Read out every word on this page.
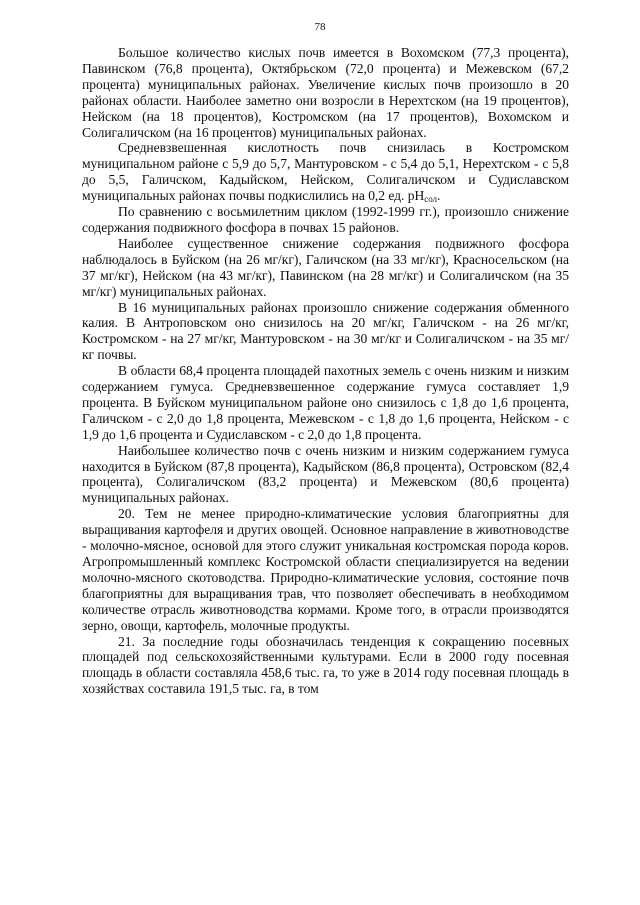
78

Большое количество кислых почв имеется в Вохомском (77,3 процента), Павинском (76,8 процента), Октябрьском (72,0 процента) и Межевском (67,2 процента) муниципальных районах. Увеличение кислых почв произошло в 20 районах области. Наиболее заметно они возросли в Нерехтском (на 19 процентов), Нейском (на 18 процентов), Костромском (на 17 процентов), Вохомском и Солигаличском (на 16 процентов) муниципальных районах.

Средневзвешенная кислотность почв снизилась в Костромском муниципальном районе с 5,9 до 5,7, Мантуровском - с 5,4 до 5,1, Нерехтском - с 5,8 до 5,5, Галичском, Кадыйском, Нейском, Солигаличском и Судиславском муниципальных районах почвы подкислились на 0,2 ед. $pH_{сол}$.

По сравнению с восьмилетним циклом (1992-1999 гг.), произошло снижение содержания подвижного фосфора в почвах 15 районов.

Наиболее существенное снижение содержания подвижного фосфора наблюдалось в Буйском (на 26 мг/кг), Галичском (на 33 мг/кг), Красносельском (на 37 мг/кг), Нейском (на 43 мг/кг), Павинском (на 28 мг/кг) и Солигаличском (на 35 мг/кг) муниципальных районах.

В 16 муниципальных районах произошло снижение содержания обменного калия. В Антроповском оно снизилось на 20 мг/кг, Галичском - на 26 мг/кг, Костромском - на 27 мг/кг, Мантуровском - на 30 мг/кг и Солигаличском - на 35 мг/кг почвы.

В области 68,4 процента площадей пахотных земель с очень низким и низким содержанием гумуса. Средневзвешенное содержание гумуса составляет 1,9 процента. В Буйском муниципальном районе оно снизилось с 1,8 до 1,6 процента, Галичском - с 2,0 до 1,8 процента, Межевском - с 1,8 до 1,6 процента, Нейском - с 1,9 до 1,6 процента и Судиславском - с 2,0 до 1,8 процента.

Наибольшее количество почв с очень низким и низким содержанием гумуса находится в Буйском (87,8 процента), Кадыйском (86,8 процента), Островском (82,4 процента), Солигаличском (83,2 процента) и Межевском (80,6 процента) муниципальных районах.

20. Тем не менее природно-климатические условия благоприятны для выращивания картофеля и других овощей. Основное направление в животноводстве - молочно-мясное, основой для этого служит уникальная костромская порода коров. Агропромышленный комплекс Костромской области специализируется на ведении молочно-мясного скотоводства. Природно-климатические условия, состояние почв благоприятны для выращивания трав, что позволяет обеспечивать в необходимом количестве отрасль животноводства кормами. Кроме того, в отрасли производятся зерно, овощи, картофель, молочные продукты.

21. За последние годы обозначилась тенденция к сокращению посевных площадей под сельскохозяйственными культурами. Если в 2000 году посевная площадь в области составляла 458,6 тыс. га, то уже в 2014 году посевная площадь в хозяйствах составила 191,5 тыс. га, в том
